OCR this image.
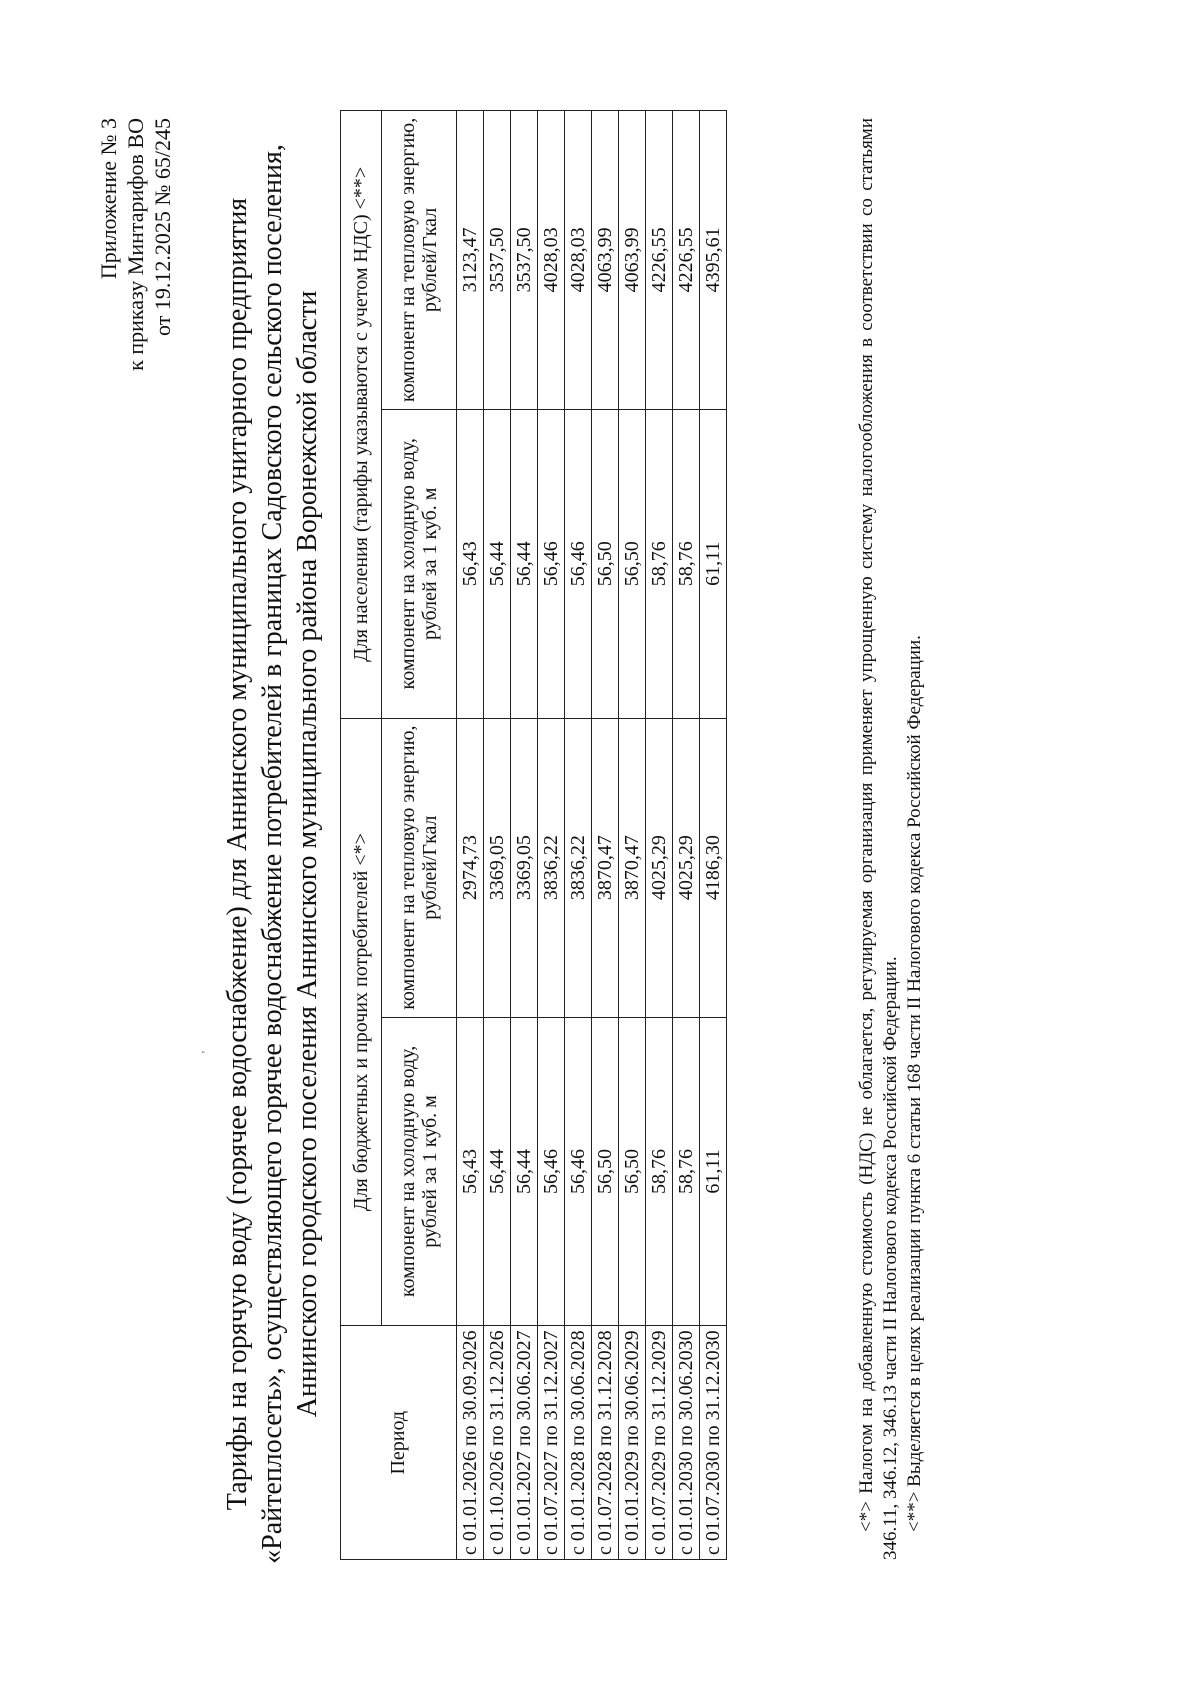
’
Приложение № 3 к приказу Минтарифов ВО от 19.12.2025 № 65/245 Тарифы на горячую воду (горячее водоснабжение) для Аннинского муниципального унитарного предприятия «Райтеплосеть», осуществляющего горячее водоснабжение потребителей в границах Садовского сельского поселения, Аннинского городского поселения Аннинского муниципального района Воронежской области
Период	Для бюджетных и прочих потребителей <*>		Для населения (тарифы указываются с учетом НДС) <**>	
	компонент на холодную воду, рублей за 1 куб. м	компонент на тепловую энергию, рублей/Гкал	компонент на холодную воду, рублей за 1 куб. м	компонент на тепловую энергию, рублей/Гкал
с 01.01.2026 по 30.09.2026	56,43	2974,73	56,43	3123,47
с 01.10.2026 по 31.12.2026	56,44	3369,05	56,44	3537,50
с 01.01.2027 по 30.06.2027	56,44	3369,05	56,44	3537,50
с 01.07.2027 по 31.12.2027	56,46	3836,22	56,46	4028,03
с 01.01.2028 по 30.06.2028	56,46	3836,22	56,46	4028,03
с 01.07.2028 по 31.12.2028	56,50	3870,47	56,50	4063,99
с 01.01.2029 по 30.06.2029	56,50	3870,47	56,50	4063,99
с 01.07.2029 по 31.12.2029	58,76	4025,29	58,76	4226,55
с 01.01.2030 по 30.06.2030	58,76	4025,29	58,76	4226,55
с 01.07.2030 по 31.12.2030	61,11	4186,30	61,11	4395,61	<*> Налогом на добавленную стоимость (НДС) не облагается, регулируемая организация применяет упрощенную систему налогообложения в соответствии со статьями 346.11, 346.12, 346.13 части II Налогового кодекса Российской Федерации. <**> Выделяется в целях реализации пункта 6 статьи 168 части II Налогового кодекса Российской Федерации.
